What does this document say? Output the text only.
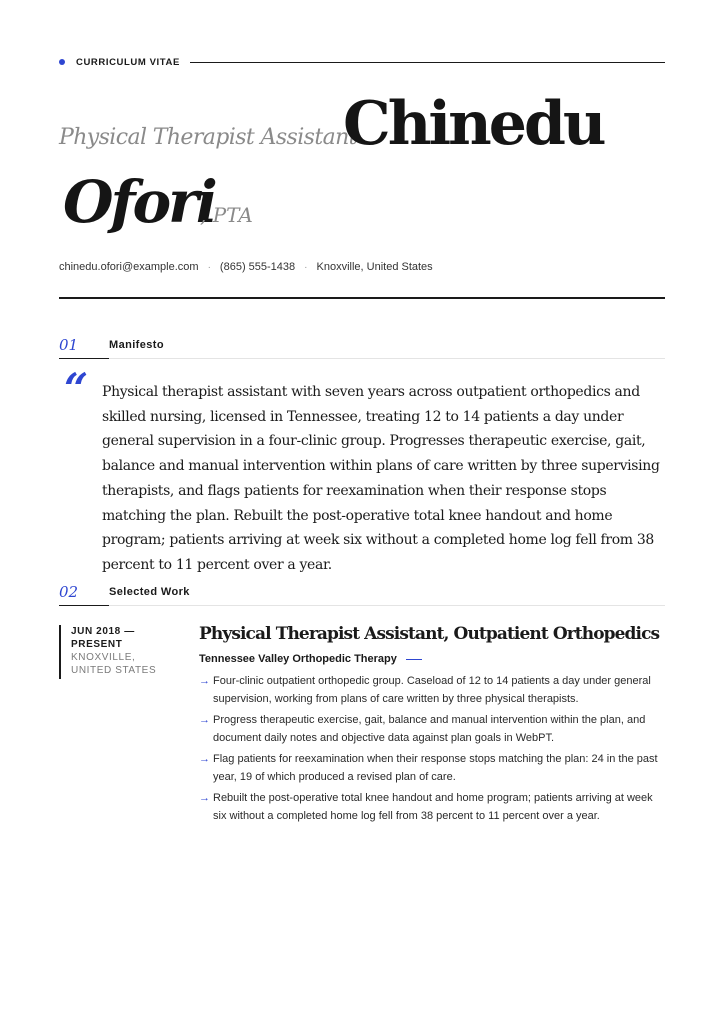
CURRICULUM VITAE
Physical Therapist Assistant
Chinedu
Ofori
, PTA
chinedu.ofori@example.com · (865) 555-1438 · Knoxville, United States
01	Manifesto
“ Physical therapist assistant with seven years across outpatient orthopedics and skilled nursing, licensed in Tennessee, treating 12 to 14 patients a day under general supervision in a four-clinic group. Progresses therapeutic exercise, gait, balance and manual intervention within plans of care written by three supervising therapists, and flags patients for reexamination when their response stops matching the plan. Rebuilt the post-operative total knee handout and home program; patients arriving at week six without a completed home log fell from 38 percent to 11 percent over a year.

02	Selected Work
JUN 2018 —
PRESENT
KNOXVILLE,
UNITED STATES
Physical Therapist Assistant, Outpatient Orthopedics
Tennessee Valley Orthopedic Therapy
→ Four-clinic outpatient orthopedic group. Caseload of 12 to 14 patients a day under general supervision, working from plans of care written by three physical therapists.
→ Progress therapeutic exercise, gait, balance and manual intervention within the plan, and document daily notes and objective data against plan goals in WebPT.
→ Flag patients for reexamination when their response stops matching the plan: 24 in the past year, 19 of which produced a revised plan of care.
→ Rebuilt the post-operative total knee handout and home program; patients arriving at week six without a completed home log fell from 38 percent to 11 percent over a year.
